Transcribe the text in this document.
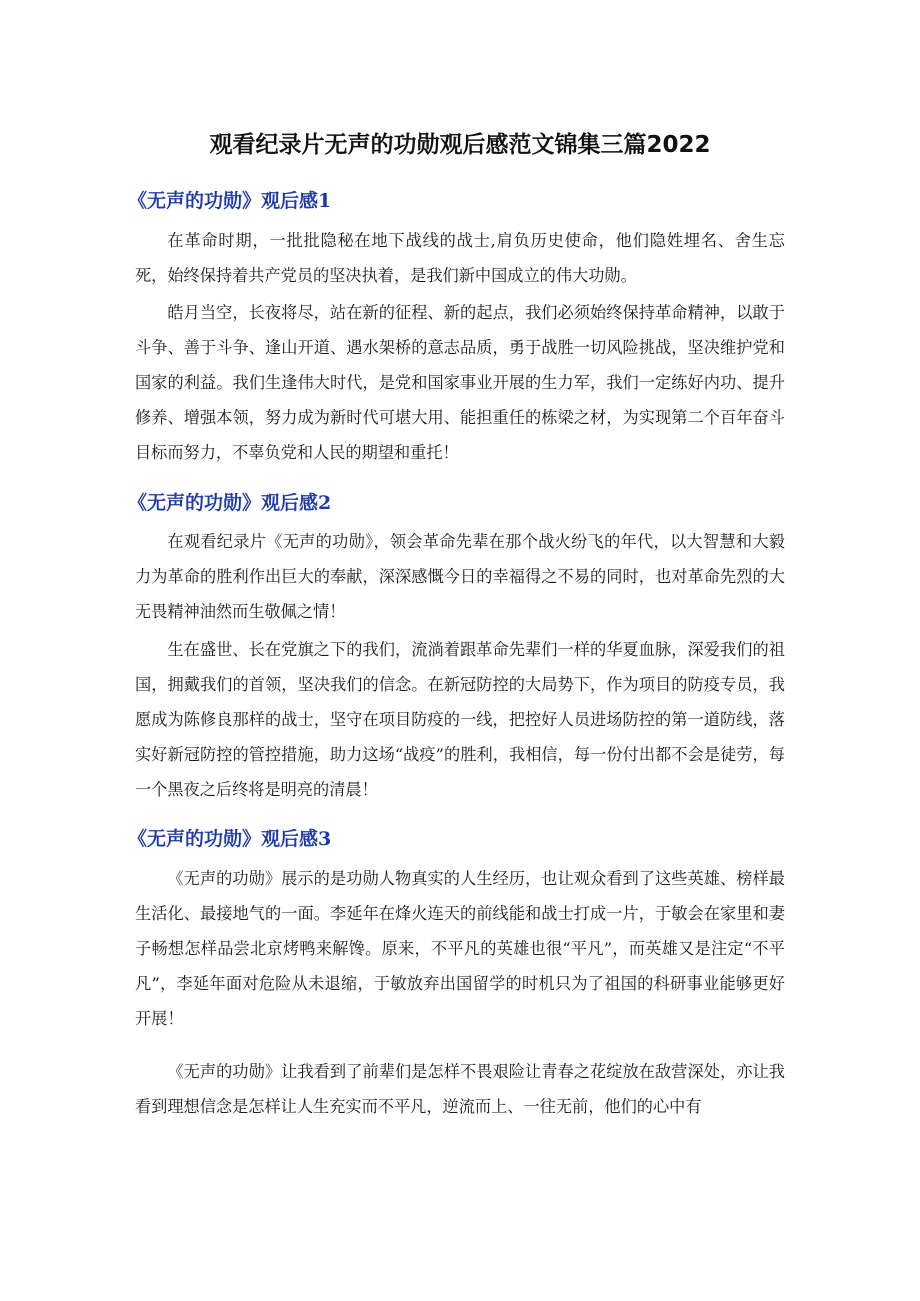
观看纪录片无声的功勋观后感范文锦集三篇2022
《无声的功勋》观后感1

在革命时期，一批批隐秘在地下战线的战士,肩负历史使命，他们隐姓埋名、舍生忘死，始终保持着共产党员的坚决执着，是我们新中国成立的伟大功勋。

皓月当空，长夜将尽，站在新的征程、新的起点，我们必须始终保持革命精神，以敢于斗争、善于斗争、逢山开道、遇水架桥的意志品质，勇于战胜一切风险挑战，坚决维护党和国家的利益。我们生逢伟大时代，是党和国家事业开展的生力军，我们一定练好内功、提升修养、增强本领，努力成为新时代可堪大用、能担重任的栋梁之材，为实现第二个百年奋斗目标而努力，不辜负党和人民的期望和重托！

《无声的功勋》观后感2

在观看纪录片《无声的功勋》，领会革命先辈在那个战火纷飞的年代，以大智慧和大毅力为革命的胜利作出巨大的奉献，深深感慨今日的幸福得之不易的同时，也对革命先烈的大无畏精神油然而生敬佩之情！

生在盛世、长在党旗之下的我们，流淌着跟革命先辈们一样的华夏血脉，深爱我们的祖国，拥戴我们的首领，坚决我们的信念。在新冠防控的大局势下，作为项目的防疫专员，我愿成为陈修良那样的战士，坚守在项目防疫的一线，把控好人员进场防控的第一道防线，落实好新冠防控的管控措施，助力这场“战疫”的胜利，我相信，每一份付出都不会是徒劳，每一个黑夜之后终将是明亮的清晨！

《无声的功勋》观后感3

《无声的功勋》展示的是功勋人物真实的人生经历，也让观众看到了这些英雄、榜样最生活化、最接地气的一面。李延年在烽火连天的前线能和战士打成一片，于敏会在家里和妻子畅想怎样品尝北京烤鸭来解馋。原来，不平凡的英雄也很“平凡”，而英雄又是注定“不平凡”，李延年面对危险从未退缩，于敏放弃出国留学的时机只为了祖国的科研事业能够更好开展！

《无声的功勋》让我看到了前辈们是怎样不畏艰险让青春之花绽放在敌营深处，亦让我看到理想信念是怎样让人生充实而不平凡，逆流而上、一往无前，他们的心中有
